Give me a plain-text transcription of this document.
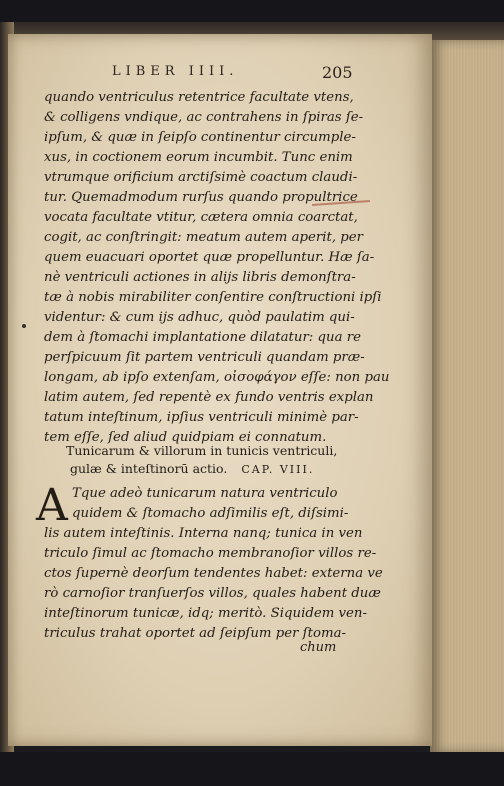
LIBER IIII.	205
quando ventriculus retentrice facultate vtens,
& colligens vndique, ac contrahens in ſpiras ſe-
ipſum, & quæ in ſeipſo continentur circumple-
xus, in coctionem eorum incumbit. Tunc enim
vtrumque orificium arctiſsimè coactum claudi-
tur. Quemadmodum rurſus quando propultrice
vocata facultate vtitur, cætera omnia coarctat,
cogit, ac conſtringit: meatum autem aperit, per
quem euacuari oportet quæ propelluntur. Hæ ſa-
nè ventriculi actiones in alijs libris demonſtra-
tæ à nobis mirabiliter conſentire conſtructioni ipſi
videntur: & cum ijs adhuc, quòd paulatim qui-
dem à ſtomachi implantatione dilatatur: qua re
perſpicuum ſit partem ventriculi quandam præ-
longam, ab ipſo extenſam, οἰσοφάγον eſſe: non pau
latim autem, ſed repentè ex fundo ventris explan
tatum inteſtinum, ipſius ventriculi minimè par-
tem eſſe, ſed aliud quidpiam ei connatum.
Tunicarum & villorum in tunicis ventriculi,
gulæ & inteſtinorū actio. CAP. VIII.
A Tque adeò tunicarum natura ventriculo
quidem & ſtomacho adſimilis eſt, diſsimi-
lis autem inteſtinis. Interna nanq; tunica in ven
triculo ſimul ac ſtomacho membranoſior villos re-
ctos ſupernè deorſum tendentes habet: externa ve
rò carnoſior tranſuerſos villos, quales habent duæ
inteſtinorum tunicæ, idq; meritò. Siquidem ven-
triculus trahat oportet ad ſeipſum per ſtoma-
chum
